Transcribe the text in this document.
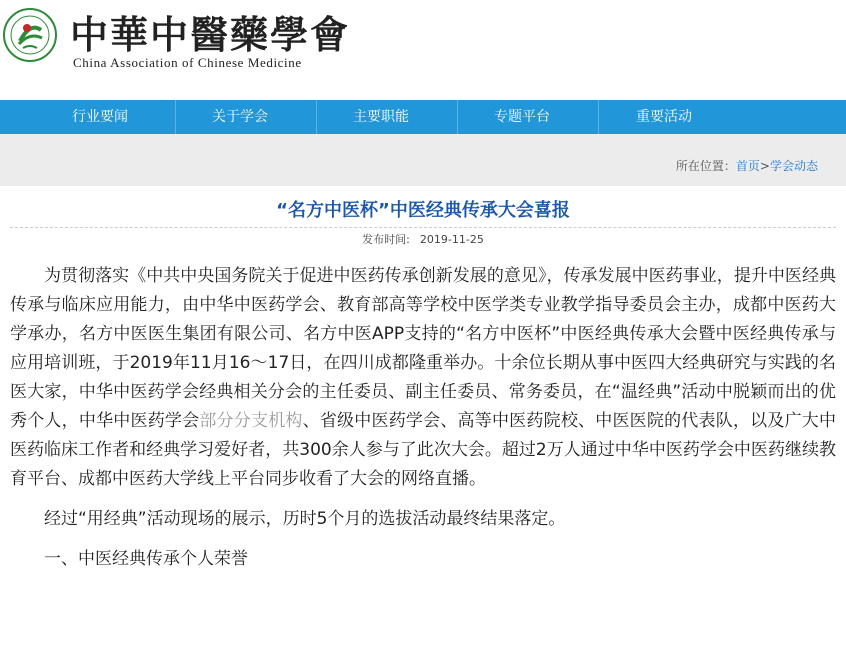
中華中醫藥學會
China Association of Chinese Medicine
行业要闻	关于学会	主要职能	专题平台	重要活动
所在位置：首页>学会动态
“名方中医杯”中医经典传承大会喜报
发布时间: 2019-11-25

为贯彻落实《中共中央国务院关于促进中医药传承创新发展的意见》，传承发展中医药事业，提升中医经典传承与临床应用能力，由中华中医药学会、教育部高等学校中医学类专业教学指导委员会主办，成都中医药大学承办，名方中医医生集团有限公司、名方中医APP支持的“名方中医杯”中医经典传承大会暨中医经典传承与应用培训班，于2019年11月16～17日，在四川成都隆重举办。十余位长期从事中医四大经典研究与实践的名医大家，中华中医药学会经典相关分会的主任委员、副主任委员、常务委员，在“温经典”活动中脱颖而出的优秀个人，中华中医药学会部分分支机构、省级中医药学会、高等中医药院校、中医医院的代表队，以及广大中医药临床工作者和经典学习爱好者，共300余人参与了此次大会。超过2万人通过中华中医药学会中医药继续教育平台、成都中医药大学线上平台同步收看了大会的网络直播。

经过“用经典”活动现场的展示，历时5个月的选拔活动最终结果落定。

一、中医经典传承个人荣誉
